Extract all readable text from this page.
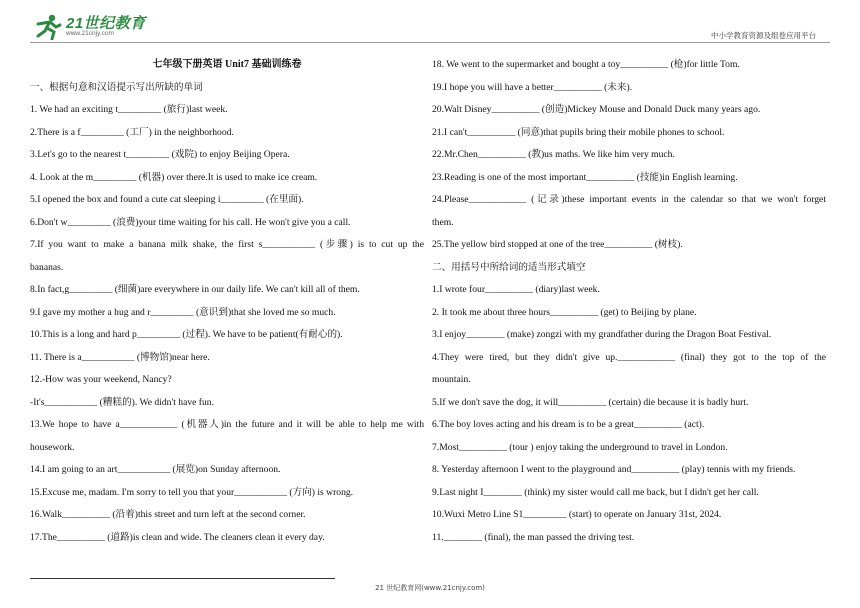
21世纪教育
www.21cnjy.com	中小学教育资源及组卷应用平台
七年级下册英语 Unit7 基础训练卷
一、根据句意和汉语提示写出所缺的单词
1. We had an exciting t_________ (旅行)last week.
2.There is a f_________ (工厂) in the neighborhood.
3.Let's go to the nearest t_________ (戏院) to enjoy Beijing Opera.
4. Look at the m_________ (机器) over there.It is used to make ice cream.
5.I opened the box and found a cute cat sleeping i_________ (在里面).
6.Don't w_________ (浪费)your time waiting for his call. He won't give you a call.
7.If you want to make a banana milk shake, the first s___________ (步骤) is to cut up the
bananas.
8.In fact,g_________ (细菌)are everywhere in our daily life. We can't kill all of them.
9.I gave my mother a hug and r_________ (意识到)that she loved me so much.
10.This is a long and hard p_________ (过程). We have to be patient(有耐心的).
11. There is a___________ (博物馆)near here.
12.-How was your weekend, Nancy?
-It's___________ (糟糕的). We didn't have fun.
13.We hope to have a____________ (机器人)in the future and it will be able to help me with
housework.
14.I am going to an art___________ (展览)on Sunday afternoon.
15.Excuse me, madam. I'm sorry to tell you that your___________ (方向) is wrong.
16.Walk__________ (沿着)this street and turn left at the second corner.
17.The__________ (道路)is clean and wide. The cleaners clean it every day.
18. We went to the supermarket and bought a toy__________ (枪)for little Tom.
19.I hope you will have a better__________ (未来).
20.Walt Disney__________ (创造)Mickey Mouse and Donald Duck many years ago.
21.I can't__________ (同意)that pupils bring their mobile phones to school.
22.Mr.Chen__________ (教)us maths. We like him very much.
23.Reading is one of the most important__________ (技能)in English learning.
24.Please____________ (记录)these important events in the calendar so that we won't forget
them.
25.The yellow bird stopped at one of the tree__________ (树枝).
二、用括号中所给词的适当形式填空
1.I wrote four__________ (diary)last week.
2. It took me about three hours__________ (get) to Beijing by plane.
3.I enjoy________ (make) zongzi with my grandfather during the Dragon Boat Festival.
4.They were tired, but they didn't give up.____________ (final) they got to the top of the
mountain.
5.If we don't save the dog, it will__________ (certain) die because it is badly hurt.
6.The boy loves acting and his dream is to be a great__________ (act).
7.Most__________ (tour ) enjoy taking the underground to travel in London.
8. Yesterday afternoon I went to the playground and__________ (play) tennis with my friends.
9.Last night I________ (think) my sister would call me back, but I didn't get her call.
10.Wuxi Metro Line S1_________ (start) to operate on January 31st, 2024.
11.________ (final), the man passed the driving test.
21 世纪教育网(www.21cnjy.com)
